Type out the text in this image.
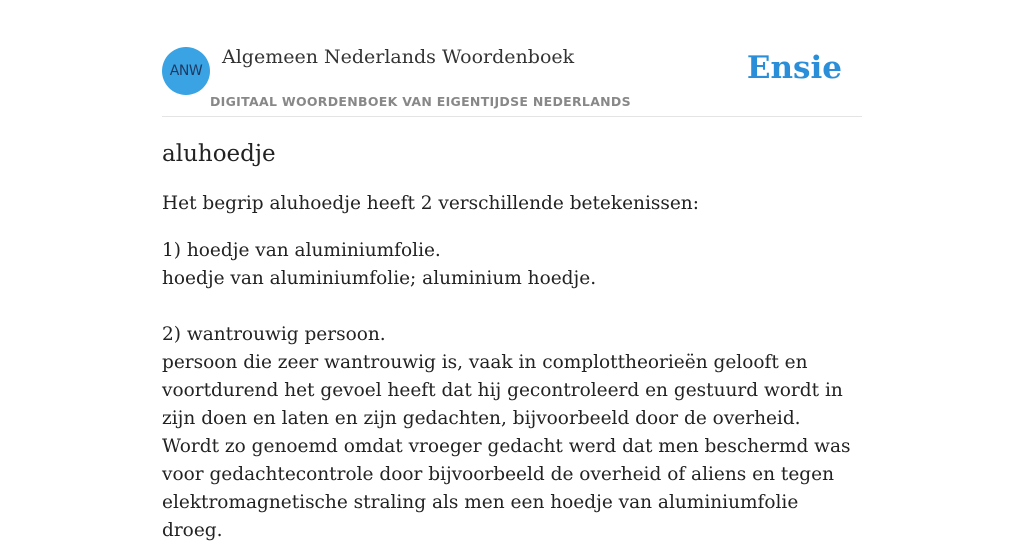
ANW
Algemeen Nederlands Woordenboek
DIGITAAL WOORDENBOEK VAN EIGENTIJDSE NEDERLANDS
Ensie
aluhoedje

Het begrip aluhoedje heeft 2 verschillende betekenissen:

1) hoedje van aluminiumfolie.
hoedje van aluminiumfolie; aluminium hoedje.

2) wantrouwig persoon.
persoon die zeer wantrouwig is, vaak in complottheorieën gelooft en voortdurend het gevoel heeft dat hij gecontroleerd en gestuurd wordt in zijn doen en laten en zijn gedachten, bijvoorbeeld door de overheid.
Wordt zo genoemd omdat vroeger gedacht werd dat men beschermd was voor gedachtecontrole door bijvoorbeeld de overheid of aliens en tegen elektromagnetische straling als men een hoedje van aluminiumfolie droeg.
